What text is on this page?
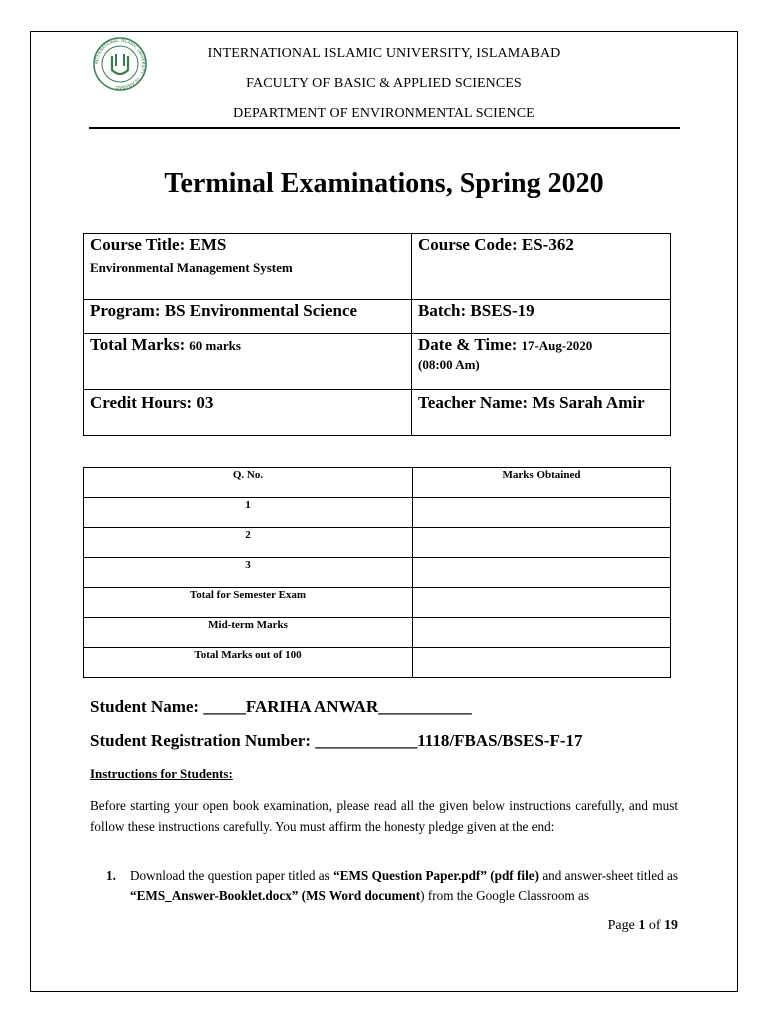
INTERNATIONAL ISLAMIC UNIVERSITY · ISLAMABAD
INTERNATIONAL ISLAMIC UNIVERSITY, ISLAMABAD
FACULTY OF BASIC & APPLIED SCIENCES
DEPARTMENT OF ENVIRONMENTAL SCIENCE
Terminal Examinations, Spring 2020
Course Title: EMS
Environmental Management System	Course Code: ES-362

Program: BS Environmental Science	Batch: BSES-19

Total Marks: 60 marks	Date & Time: 17-Aug-2020
(08:00 Am)

Credit Hours: 03	Teacher Name: Ms Sarah Amir
Q. No.	Marks Obtained
1	
2	
3	
Total for Semester Exam	
Mid-term Marks	
Total Marks out of 100	
Student Name: _____FARIHA ANWAR___________
Student Registration Number: ____________1118/FBAS/BSES-F-17
Instructions for Students:
Before starting your open book examination, please read all the given below instructions carefully, and must follow these instructions carefully. You must affirm the honesty pledge given at the end:
1. Download the question paper titled as “EMS Question Paper.pdf” (pdf file) and answer-sheet titled as “EMS_Answer-Booklet.docx” (MS Word document) from the Google Classroom as
Page 1 of 19
